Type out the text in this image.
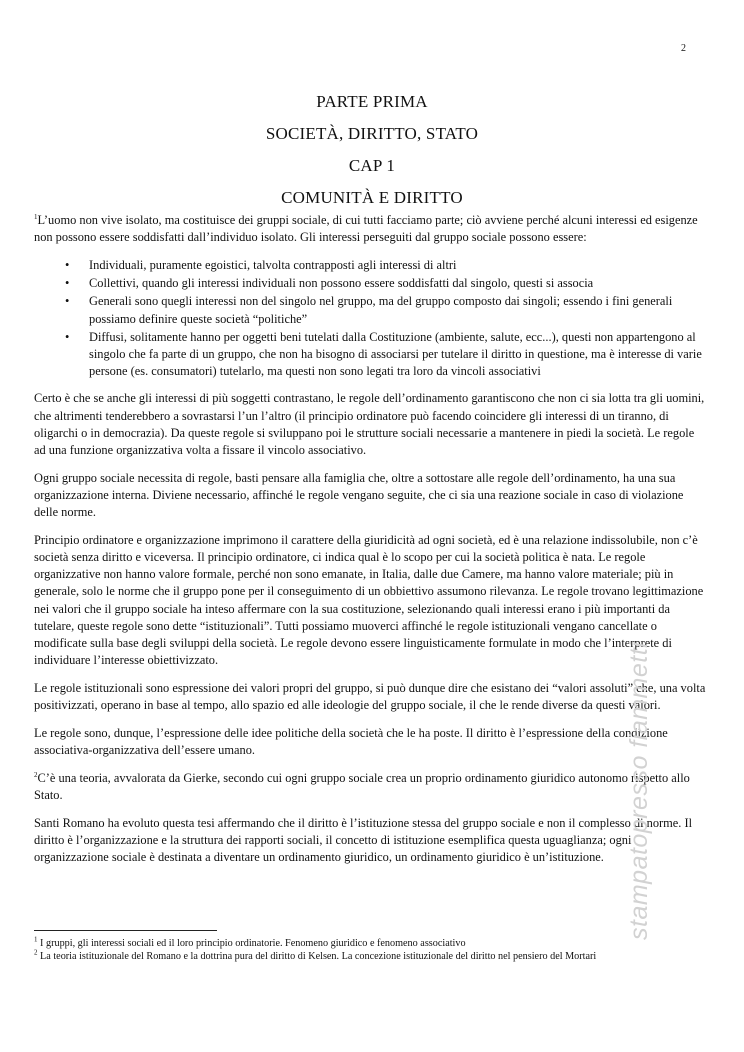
2
PARTE PRIMA
SOCIETÀ, DIRITTO, STATO
CAP 1
COMUNITÀ E DIRITTO

$^1$L’uomo non vive isolato, ma costituisce dei gruppi sociale, di cui tutti facciamo parte; ciò avviene perché alcuni interessi ed esigenze non possono essere soddisfatti dall’individuo isolato. Gli interessi perseguiti dal gruppo sociale possono essere:

• Individuali, puramente egoistici, talvolta contrapposti agli interessi di altri
• Collettivi, quando gli interessi individuali non possono essere soddisfatti dal singolo, questi si associa
• Generali sono quegli interessi non del singolo nel gruppo, ma del gruppo composto dai singoli; essendo i fini generali possiamo definire queste società “politiche”
• Diffusi, solitamente hanno per oggetti beni tutelati dalla Costituzione (ambiente, salute, ecc...), questi non appartengono al singolo che fa parte di un gruppo, che non ha bisogno di associarsi per tutelare il diritto in questione, ma è interesse di varie persone (es. consumatori) tutelarlo, ma questi non sono legati tra loro da vincoli associativi

Certo è che se anche gli interessi di più soggetti contrastano, le regole dell’ordinamento garantiscono che non ci sia lotta tra gli uomini, che altrimenti tenderebbero a sovrastarsi l’un l’altro (il principio ordinatore può facendo coincidere gli interessi di un tiranno, di oligarchi o in democrazia). Da queste regole si sviluppano poi le strutture sociali necessarie a mantenere in piedi la società. Le regole ad una funzione organizzativa volta a fissare il vincolo associativo.

Ogni gruppo sociale necessita di regole, basti pensare alla famiglia che, oltre a sottostare alle regole dell’ordinamento, ha una sua organizzazione interna. Diviene necessario, affinché le regole vengano seguite, che ci sia una reazione sociale in caso di violazione delle norme.

Principio ordinatore e organizzazione imprimono il carattere della giuridicità ad ogni società, ed è una relazione indissolubile, non c’è società senza diritto e viceversa. Il principio ordinatore, ci indica qual è lo scopo per cui la società politica è nata. Le regole organizzative non hanno valore formale, perché non sono emanate, in Italia, dalle due Camere, ma hanno valore materiale; più in generale, solo le norme che il gruppo pone per il conseguimento di un obbiettivo assumono rilevanza. Le regole trovano legittimazione nei valori che il gruppo sociale ha inteso affermare con la sua costituzione, selezionando quali interessi erano i più importanti da tutelare, queste regole sono dette “istituzionali”. Tutti possiamo muoverci affinché le regole istituzionali vengano cancellate o modificate sulla base degli sviluppi della società. Le regole devono essere linguisticamente formulate in modo che l’interprete di individuare l’interesse obiettivizzato.

Le regole istituzionali sono espressione dei valori propri del gruppo, si può dunque dire che esistano dei “valori assoluti” che, una volta positivizzati, operano in base al tempo, allo spazio ed alle ideologie del gruppo sociale, il che le rende diverse da questi valori.

Le regole sono, dunque, l’espressione delle idee politiche della società che le ha poste. Il diritto è l’espressione della condizione associativa-organizzativa dell’essere umano.

$^2$C’è una teoria, avvalorata da Gierke, secondo cui ogni gruppo sociale crea un proprio ordinamento giuridico autonomo rispetto allo Stato.

Santi Romano ha evoluto questa tesi affermando che il diritto è l’istituzione stessa del gruppo sociale e non il complesso di norme. Il diritto è l’organizzazione e la struttura dei rapporti sociali, il concetto di istituzione esemplifica questa uguaglianza; ogni organizzazione sociale è destinata a diventare un ordinamento giuridico, un ordinamento giuridico è un’istituzione.

$^1$ I gruppi, gli interessi sociali ed il loro principio ordinatorie. Fenomeno giuridico e fenomeno associativo
$^2$ La teoria istituzionale del Romano e la dottrina pura del diritto di Kelsen. La concezione istituzionale del diritto nel pensiero del Mortari
stampatopresso fiammetti
